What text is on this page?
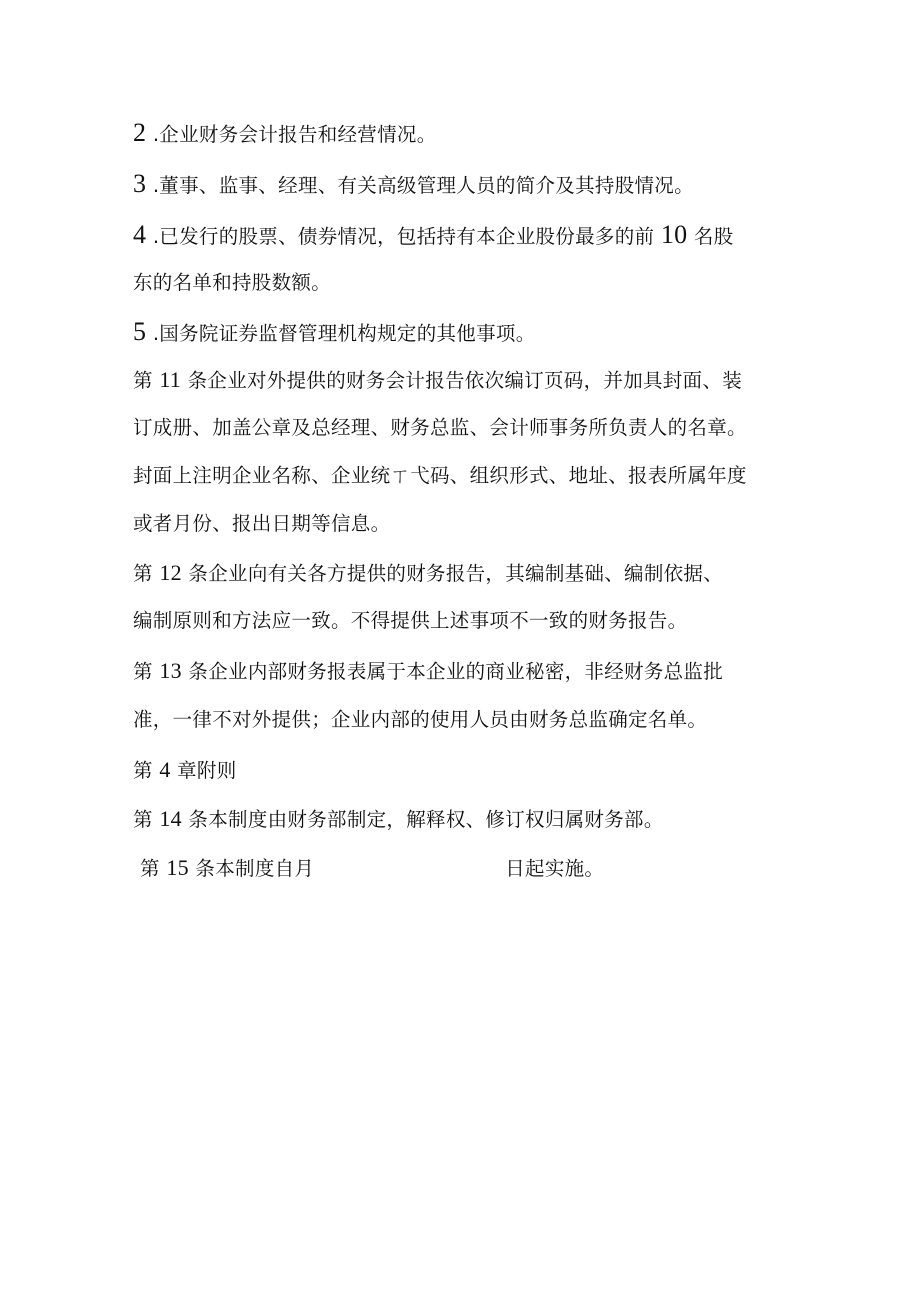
2 .企业财务会计报告和经营情况。
3 .董事、监事、经理、有关高级管理人员的简介及其持股情况。
4 .已发行的股票、债券情况，包括持有本企业股份最多的前 10 名股
东的名单和持股数额。
5 .国务院证券监督管理机构规定的其他事项。
第 11 条企业对外提供的财务会计报告依次编订页码，并加具封面、装
订成册、加盖公章及总经理、财务总监、会计师事务所负责人的名章。
封面上注明企业名称、企业统ㄒ弋码、组织形式、地址、报表所属年度
或者月份、报出日期等信息。
第 12 条企业向有关各方提供的财务报告，其编制基础、编制依据、
编制原则和方法应一致。不得提供上述事项不一致的财务报告。
第 13 条企业内部财务报表属于本企业的商业秘密，非经财务总监批
准，一律不对外提供；企业内部的使用人员由财务总监确定名单。
第 4 章附则
第 14 条本制度由财务部制定，解释权、修订权归属财务部。
第 15 条本制度自月	日起实施。
